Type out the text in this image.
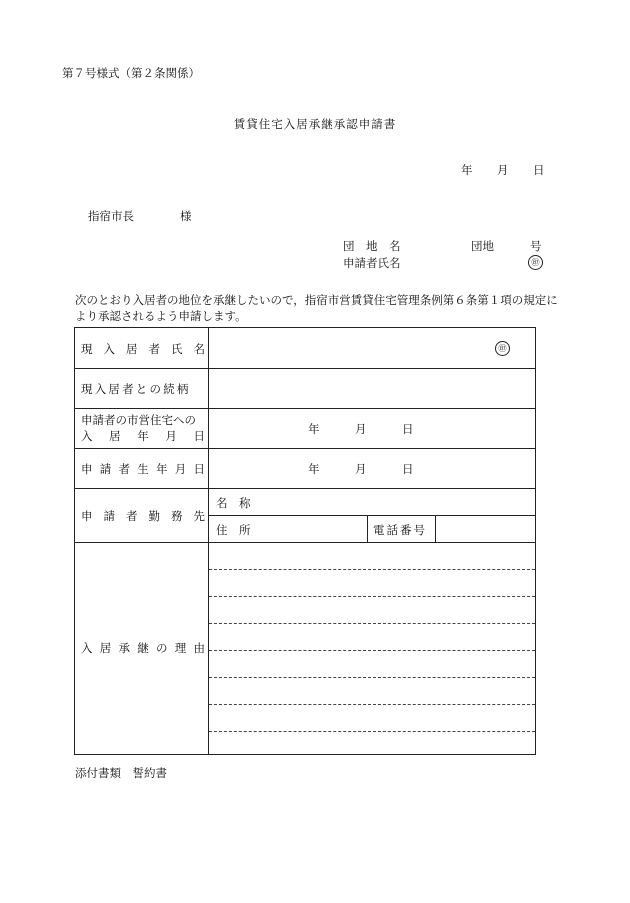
第７号様式（第２条関係）
賃貸住宅入居承継承認申請書
年 月 日
指宿市長	様
団　地　名	団地	号
申請者氏名	㊞
次のとおり入居者の地位を承継したいので，指宿市営賃貸住宅管理条例第６条第１項の規定により承認されるよう申請します。
現 入 居 者 氏 名	㊞
現入居者との続柄
申請者の市営住宅への
入 居 年 月 日	年	月	日
申 請 者 生 年 月 日	年	月	日
申 請 者 勤 務 先
名　称
住　所	電話番号
入 居 承 継 の 理 由
添付書類　誓約書
